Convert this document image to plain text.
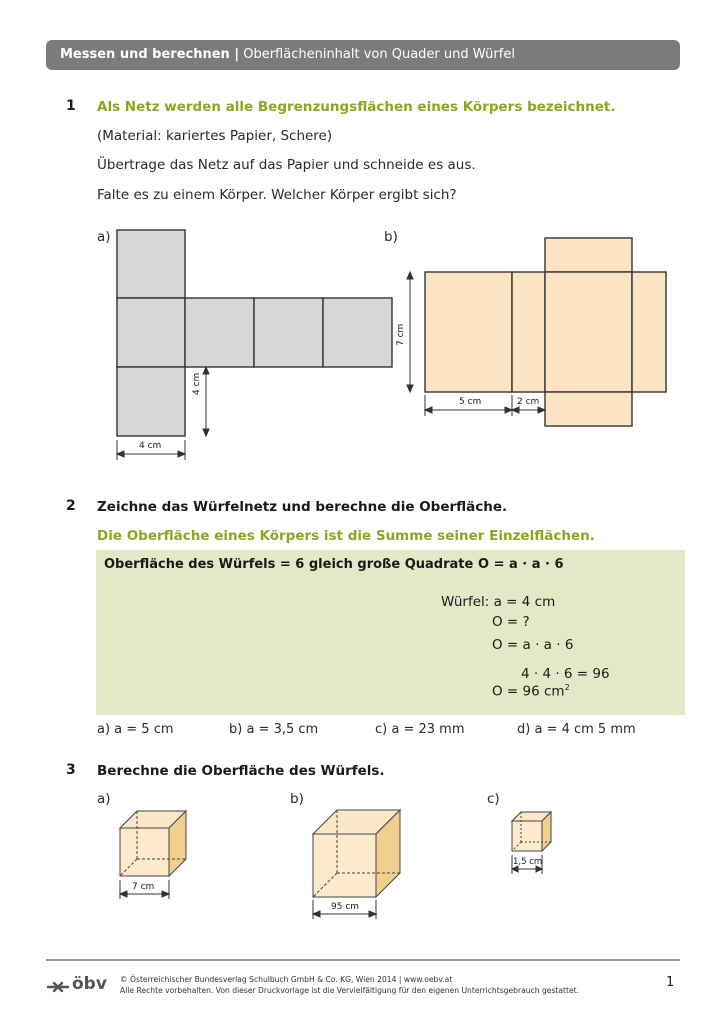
Messen und berechnen | Oberflächeninhalt von Quader und Würfel
1 Als Netz werden alle Begrenzungsflächen eines Körpers bezeichnet.
(Material: kariertes Papier, Schere)
Übertrage das Netz auf das Papier und schneide es aus.
Falte es zu einem Körper. Welcher Körper ergibt sich?
a)	b)
4 cm
4 cm
7 cm
5 cm	2 cm
2 Zeichne das Würfelnetz und berechne die Oberfläche.
Die Oberfläche eines Körpers ist die Summe seiner Einzelflächen.
Oberfläche des Würfels = 6 gleich große Quadrate O = a · a · 6
Würfel: a = 4 cm
O = ?
O = a · a · 6
4 · 4 · 6 = 96
O = 96 $cm^2$
a) a = 5 cm	b) a = 3,5 cm	c) a = 23 mm	d) a = 4 cm 5 mm
3 Berechne die Oberfläche des Würfels.
a)	b)	c)
7 cm
95 cm
1,5 cm
öbv © Österreichischer Bundesverlag Schulbuch GmbH & Co. KG, Wien 2014 | www.oebv.at
Alle Rechte vorbehalten. Von dieser Druckvorlage ist die Vervielfältigung für den eigenen Unterrichtsgebrauch gestattet.
1
